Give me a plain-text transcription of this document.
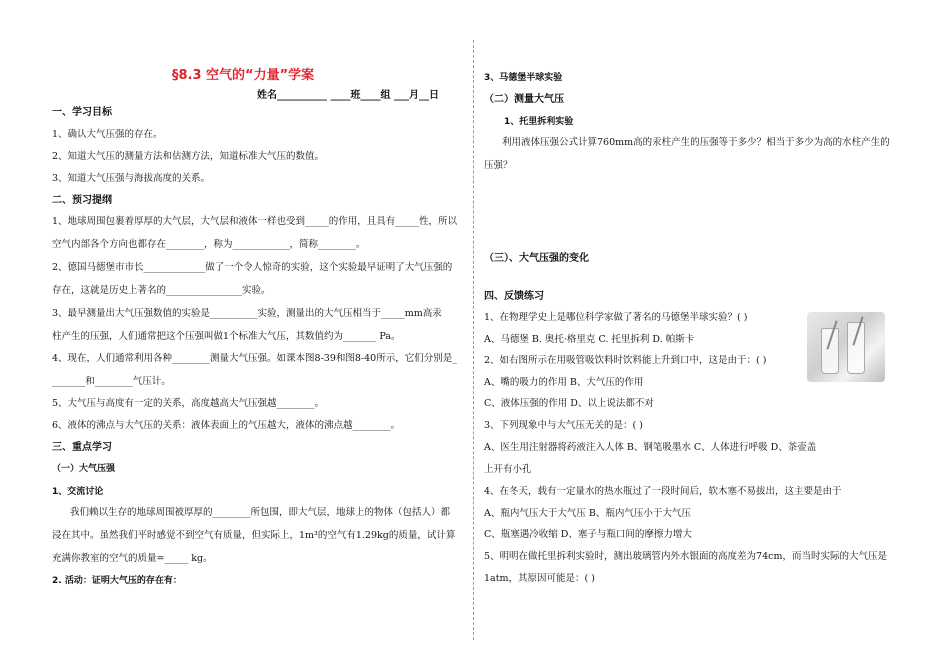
§8.3 空气的“力量”学案
姓名__________ ____班____组 ___月__日
一、学习目标
1、确认大气压强的存在。
2、知道大气压的测量方法和估测方法，知道标准大气压的数值。
3、知道大气压强与海拔高度的关系。
二、预习提纲
1、地球周围包裹着厚厚的大气层，大气层和液体一样也受到_____的作用，且具有_____性，所以
空气内部各个方向也都存在________，称为____________，简称________。
2、德国马德堡市市长_____________做了一个令人惊奇的实验，这个实验最早证明了大气压强的
存在，这就是历史上著名的________________实验。
3、最早测量出大气压强数值的实验是__________实验，测量出的大气压相当于_____mm高汞
柱产生的压强，人们通常把这个压强叫做1个标准大气压，其数值约为_______ Pa。
4、现在，人们通常利用各种________测量大气压强。如课本图8-39和图8-40所示，它们分别是_
_______和________气压计。
5、大气压与高度有一定的关系，高度越高大气压强越________。
6、液体的沸点与大气压的关系：液体表面上的气压越大，液体的沸点越________。
三、重点学习
（一）大气压强
1、交流讨论
我们赖以生存的地球周围被厚厚的________所包围，即大气层，地球上的物体（包括人）都
浸在其中。虽然我们平时感觉不到空气有质量，但实际上，1m³的空气有1.29kg的质量，试计算
充满你教室的空气的质量=_____ kg。
2. 活动：证明大气压的存在有：
3、马德堡半球实验
（二）测量大气压
1、托里拆利实验
利用液体压强公式计算760mm高的汞柱产生的压强等于多少？相当于多少为高的水柱产生的
压强？
（三）、大气压强的变化
四、反馈练习
1、在物理学史上是哪位科学家做了著名的马德堡半球实验？( )
A、马德堡 B. 奥托·格里克 C. 托里拆利 D. 帕斯卡
2、如右图所示在用吸管吸饮料时饮料能上升到口中，这是由于：( )
A、嘴的吸力的作用 B、大气压的作用
C、液体压强的作用 D、以上说法都不对
3、下列现象中与大气压无关的是：( )
A、医生用注射器将药液注入人体 B、钢笔吸墨水 C、人体进行呼吸 D、茶壶盖
上开有小孔
4、在冬天，载有一定量水的热水瓶过了一段时间后，软木塞不易拔出，这主要是由于
A、瓶内气压大于大气压 B、瓶内气压小于大气压
C、瓶塞遇冷收缩 D、塞子与瓶口间的摩擦力增大
5、明明在做托里拆利实验时，测出玻璃管内外水银面的高度差为74cm，而当时实际的大气压是
1atm，其原因可能是：( )
